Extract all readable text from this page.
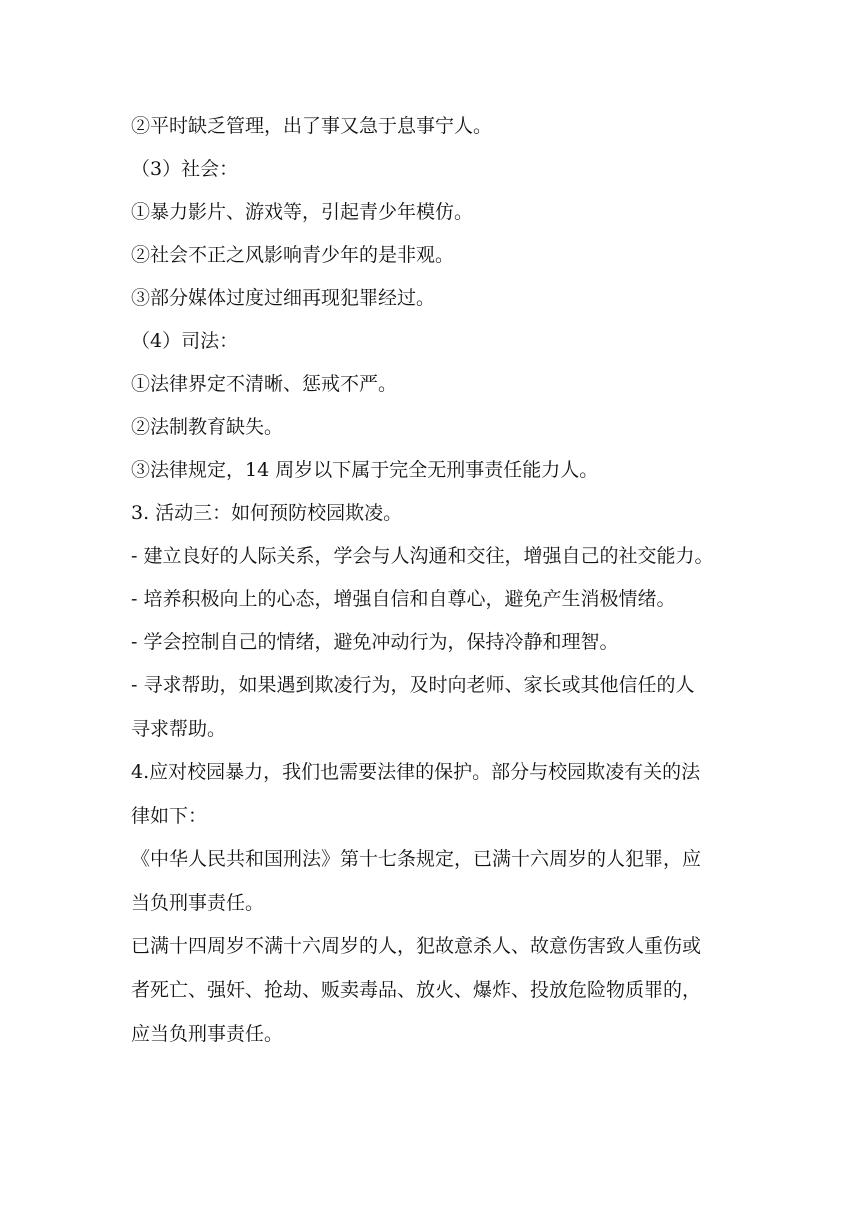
②平时缺乏管理，出了事又急于息事宁人。

（3）社会：

①暴力影片、游戏等，引起青少年模仿。

②社会不正之风影响青少年的是非观。

③部分媒体过度过细再现犯罪经过。

（4）司法：

①法律界定不清晰、惩戒不严。

②法制教育缺失。

③法律规定，14 周岁以下属于完全无刑事责任能力人。

3. 活动三：如何预防校园欺凌。

- 建立良好的人际关系，学会与人沟通和交往，增强自己的社交能力。

- 培养积极向上的心态，增强自信和自尊心，避免产生消极情绪。

- 学会控制自己的情绪，避免冲动行为，保持冷静和理智。

- 寻求帮助，如果遇到欺凌行为，及时向老师、家长或其他信任的人
寻求帮助。

4.应对校园暴力，我们也需要法律的保护。部分与校园欺凌有关的法
律如下：

《中华人民共和国刑法》第十七条规定，已满十六周岁的人犯罪，应
当负刑事责任。

已满十四周岁不满十六周岁的人，犯故意杀人、故意伤害致人重伤或
者死亡、强奸、抢劫、贩卖毒品、放火、爆炸、投放危险物质罪的，
应当负刑事责任。
